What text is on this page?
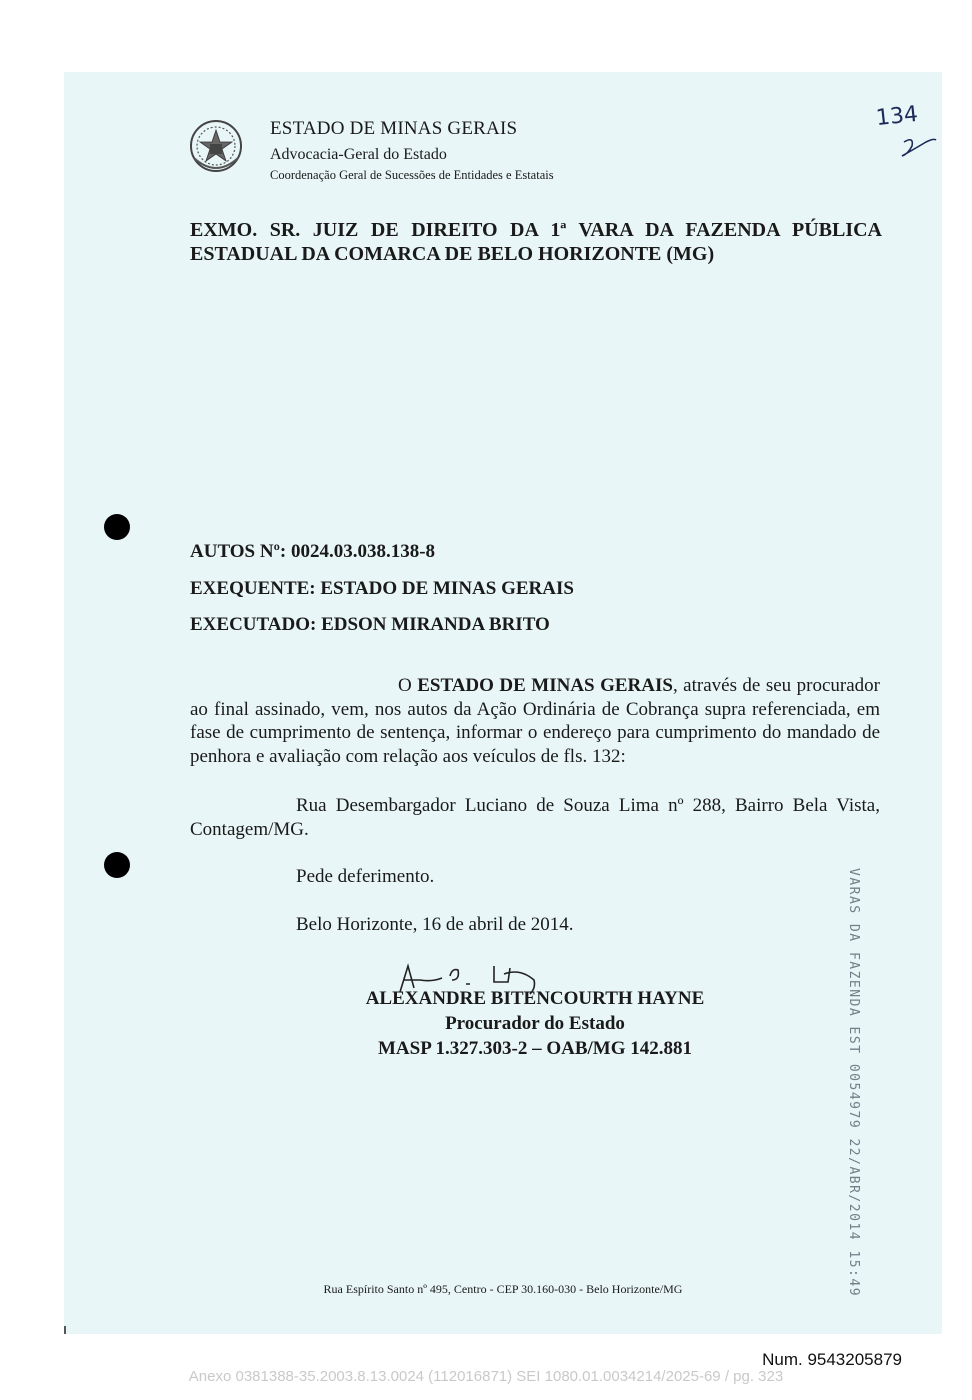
ESTADO DE MINAS GERAIS
Advocacia-Geral do Estado
Coordenação Geral de Sucessões de Entidades e Estatais
134
EXMO. SR. JUIZ DE DIREITO DA 1ª VARA DA FAZENDA PÚBLICA ESTADUAL DA COMARCA DE BELO HORIZONTE (MG)
AUTOS Nº: 0024.03.038.138-8
EXEQUENTE: ESTADO DE MINAS GERAIS
EXECUTADO: EDSON MIRANDA BRITO
O ESTADO DE MINAS GERAIS, através de seu procurador ao final assinado, vem, nos autos da Ação Ordinária de Cobrança supra referenciada, em fase de cumprimento de sentença, informar o endereço para cumprimento do mandado de penhora e avaliação com relação aos veículos de fls. 132:
Rua Desembargador Luciano de Souza Lima nº 288, Bairro Bela Vista, Contagem/MG.
Pede deferimento.
Belo Horizonte, 16 de abril de 2014.
ALEXANDRE BITENCOURTH HAYNE
Procurador do Estado
MASP 1.327.303-2 – OAB/MG 142.881	VARAS DA FAZENDA EST 0054979 22/ABR/2014 15:49
Rua Espírito Santo nº 495, Centro - CEP 30.160-030 - Belo Horizonte/MG
Num. 9543205879
Anexo 0381388-35.2003.8.13.0024 (112016871) SEI 1080.01.0034214/2025-69 / pg. 323
